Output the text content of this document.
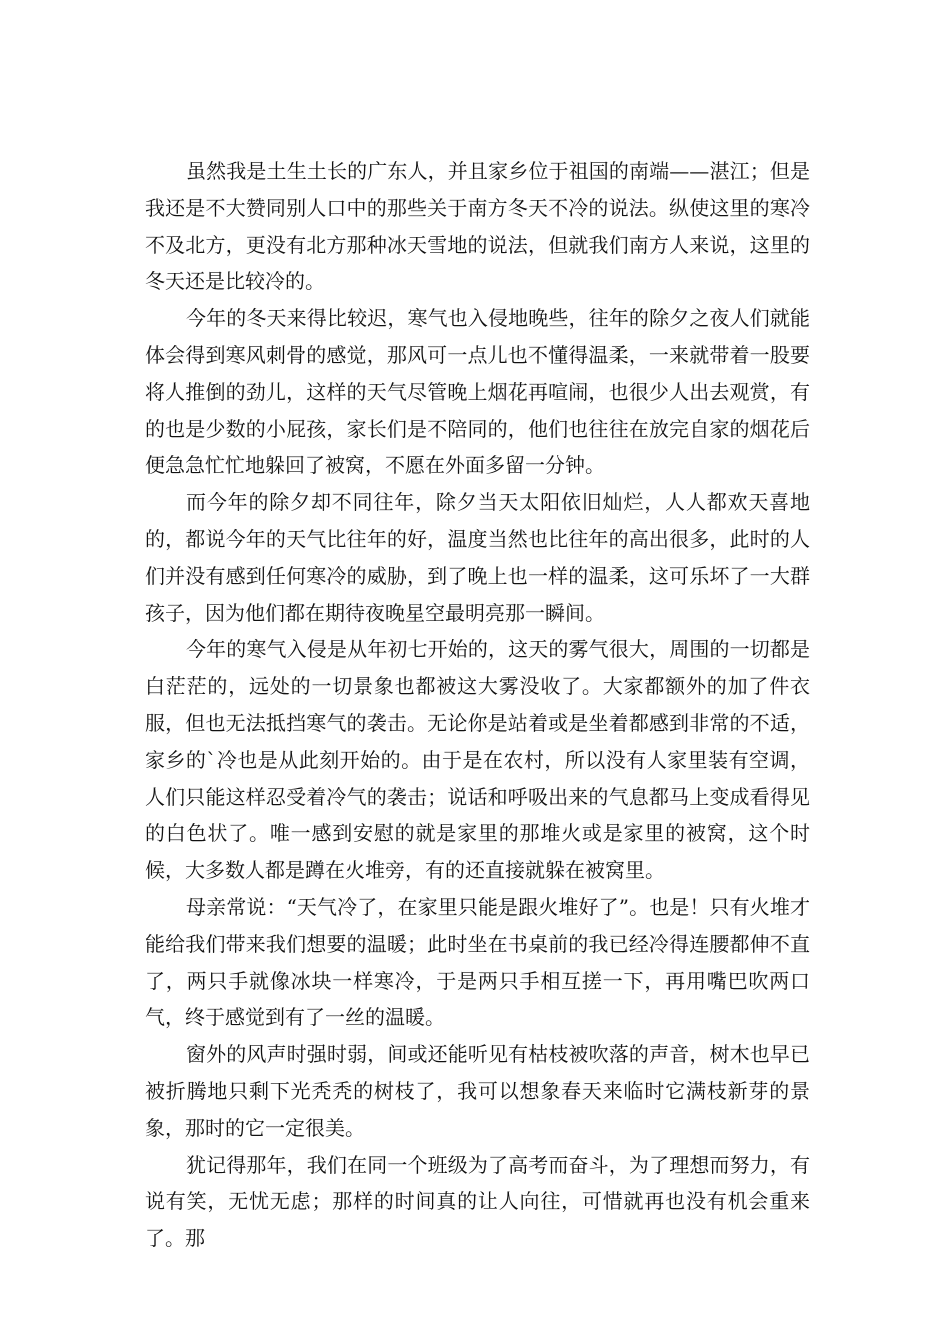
虽然我是土生土长的广东人，并且家乡位于祖国的南端——湛江；但是我还是不大赞同别人口中的那些关于南方冬天不冷的说法。纵使这里的寒冷不及北方，更没有北方那种冰天雪地的说法，但就我们南方人来说，这里的冬天还是比较冷的。

今年的冬天来得比较迟，寒气也入侵地晚些，往年的除夕之夜人们就能体会得到寒风刺骨的感觉，那风可一点儿也不懂得温柔，一来就带着一股要将人推倒的劲儿，这样的天气尽管晚上烟花再喧闹，也很少人出去观赏，有的也是少数的小屁孩，家长们是不陪同的，他们也往往在放完自家的烟花后便急急忙忙地躲回了被窝，不愿在外面多留一分钟。

而今年的除夕却不同往年，除夕当天太阳依旧灿烂，人人都欢天喜地的，都说今年的天气比往年的好，温度当然也比往年的高出很多，此时的人们并没有感到任何寒冷的威胁，到了晚上也一样的温柔，这可乐坏了一大群孩子，因为他们都在期待夜晚星空最明亮那一瞬间。

今年的寒气入侵是从年初七开始的，这天的雾气很大，周围的一切都是白茫茫的，远处的一切景象也都被这大雾没收了。大家都额外的加了件衣服，但也无法抵挡寒气的袭击。无论你是站着或是坐着都感到非常的不适，家乡的`冷也是从此刻开始的。由于是在农村，所以没有人家里装有空调，人们只能这样忍受着冷气的袭击；说话和呼吸出来的气息都马上变成看得见的白色状了。唯一感到安慰的就是家里的那堆火或是家里的被窝，这个时候，大多数人都是蹲在火堆旁，有的还直接就躲在被窝里。

母亲常说：“天气冷了，在家里只能是跟火堆好了”。也是！只有火堆才能给我们带来我们想要的温暖；此时坐在书桌前的我已经冷得连腰都伸不直了，两只手就像冰块一样寒冷，于是两只手相互搓一下，再用嘴巴吹两口气，终于感觉到有了一丝的温暖。

窗外的风声时强时弱，间或还能听见有枯枝被吹落的声音，树木也早已被折腾地只剩下光秃秃的树枝了，我可以想象春天来临时它满枝新芽的景象，那时的它一定很美。

犹记得那年，我们在同一个班级为了高考而奋斗，为了理想而努力，有说有笑，无忧无虑；那样的时间真的让人向往，可惜就再也没有机会重来了。那
